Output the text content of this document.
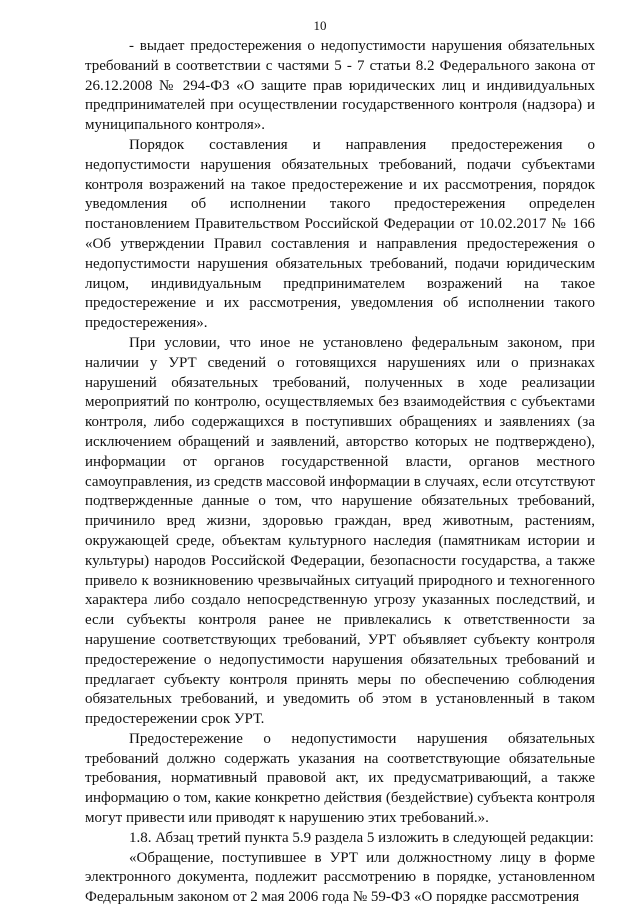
10

- выдает предостережения о недопустимости нарушения обязательных требований в соответствии с частями 5 - 7 статьи 8.2 Федерального закона от 26.12.2008 № 294-ФЗ «О защите прав юридических лиц и индивидуальных предпринимателей при осуществлении государственного контроля (надзора) и муниципального контроля».

Порядок составления и направления предостережения о недопустимости нарушения обязательных требований, подачи субъектами контроля возражений на такое предостережение и их рассмотрения, порядок уведомления об исполнении такого предостережения определен постановлением Правительством Российской Федерации от 10.02.2017 № 166 «Об утверждении Правил составления и направления предостережения о недопустимости нарушения обязательных требований, подачи юридическим лицом, индивидуальным предпринимателем возражений на такое предостережение и их рассмотрения, уведомления об исполнении такого предостережения».

При условии, что иное не установлено федеральным законом, при наличии у УРТ сведений о готовящихся нарушениях или о признаках нарушений обязательных требований, полученных в ходе реализации мероприятий по контролю, осуществляемых без взаимодействия с субъектами контроля, либо содержащихся в поступивших обращениях и заявлениях (за исключением обращений и заявлений, авторство которых не подтверждено), информации от органов государственной власти, органов местного самоуправления, из средств массовой информации в случаях, если отсутствуют подтвержденные данные о том, что нарушение обязательных требований, причинило вред жизни, здоровью граждан, вред животным, растениям, окружающей среде, объектам культурного наследия (памятникам истории и культуры) народов Российской Федерации, безопасности государства, а также привело к возникновению чрезвычайных ситуаций природного и техногенного характера либо создало непосредственную угрозу указанных последствий, и если субъекты контроля ранее не привлекались к ответственности за нарушение соответствующих требований, УРТ объявляет субъекту контроля предостережение о недопустимости нарушения обязательных требований и предлагает субъекту контроля принять меры по обеспечению соблюдения обязательных требований, и уведомить об этом в установленный в таком предостережении срок УРТ.

Предостережение о недопустимости нарушения обязательных требований должно содержать указания на соответствующие обязательные требования, нормативный правовой акт, их предусматривающий, а также информацию о том, какие конкретно действия (бездействие) субъекта контроля могут привести или приводят к нарушению этих требований.».

1.8. Абзац третий пункта 5.9 раздела 5 изложить в следующей редакции:

«Обращение, поступившее в УРТ или должностному лицу в форме электронного документа, подлежит рассмотрению в порядке, установленном Федеральным законом от 2 мая 2006 года № 59-ФЗ «О порядке рассмотрения
